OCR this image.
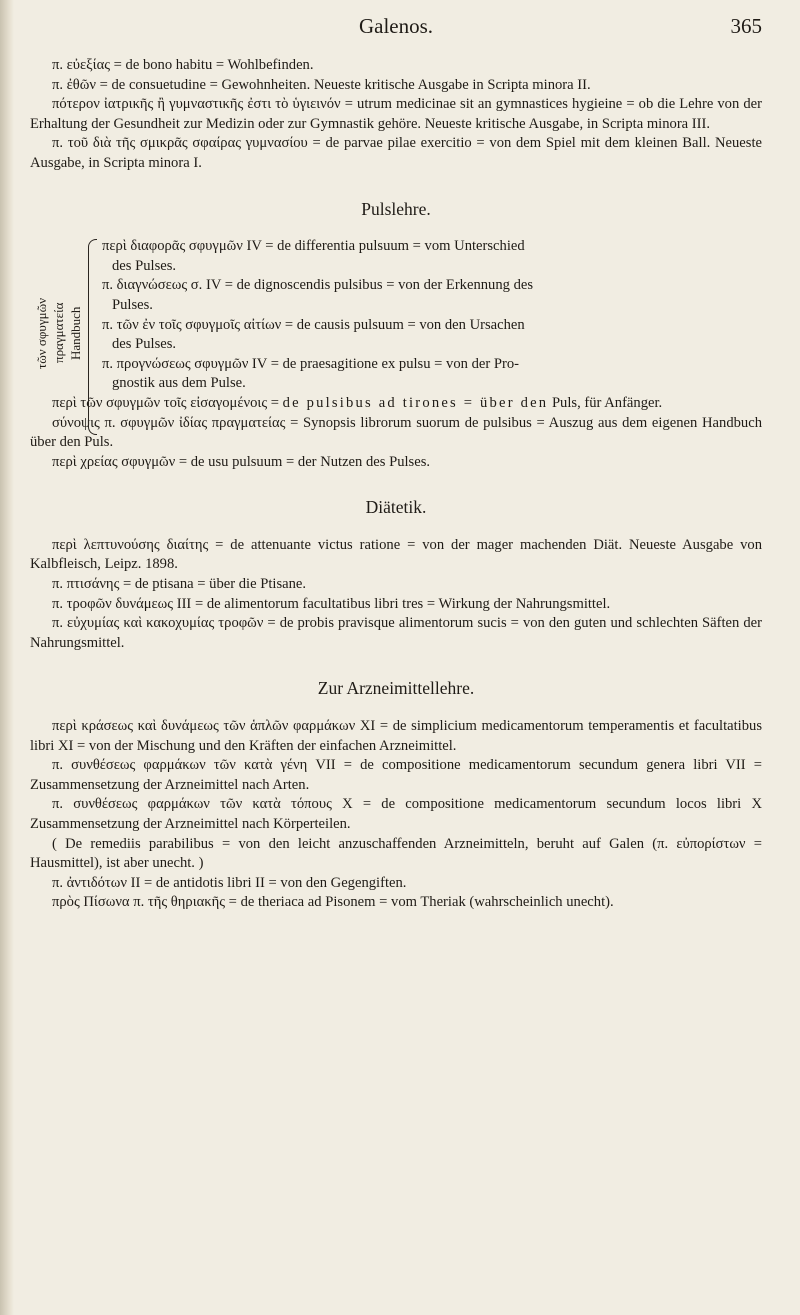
Galenos.	365

π. εὐεξίας = de bono habitu = Wohlbefinden.

π. ἐθῶν = de consuetudine = Gewohnheiten. Neueste kritische Ausgabe in Scripta minora II.

πότερον ἰατρικῆς ἢ γυμναστικῆς ἐστι τὸ ὑγιεινόν = utrum medicinae sit an gymnastices hygieine = ob die Lehre von der Erhaltung der Gesundheit zur Medizin oder zur Gymnastik gehöre. Neueste kritische Ausgabe, in Scripta minora III.

π. τοῦ διὰ τῆς σμικρᾶς σφαίρας γυμνασίου = de parvae pilae exercitio = von dem Spiel mit dem kleinen Ball. Neueste Ausgabe, in Scripta minora I.

Pulslehre.
τῶν σφυγμῶν πραγματεία Handbuch

περὶ διαφορᾶς σφυγμῶν IV = de differentia pulsuum = vom Unterschied
des Pulses.

π. διαγνώσεως σ. IV = de dignoscendis pulsibus = von der Erkennung des
Pulses.

π. τῶν ἐν τοῖς σφυγμοῖς αἰτίων = de causis pulsuum = von den Ursachen
des Pulses.

π. προγνώσεως σφυγμῶν IV = de praesagitione ex pulsu = von der Pro-
gnostik aus dem Pulse.

περὶ τῶν σφυγμῶν τοῖς εἰσαγομένοις = de pulsibus ad tirones = über den Puls, für Anfänger.

σύνοψις π. σφυγμῶν ἰδίας πραγματείας = Synopsis librorum suorum de pulsibus = Auszug aus dem eigenen Handbuch über den Puls.

περὶ χρείας σφυγμῶν = de usu pulsuum = der Nutzen des Pulses.

Diätetik.

περὶ λεπτυνούσης διαίτης = de attenuante victus ratione = von der mager machenden Diät. Neueste Ausgabe von Kalbfleisch, Leipz. 1898.

π. πτισάνης = de ptisana = über die Ptisane.

π. τροφῶν δυνάμεως III = de alimentorum facultatibus libri tres = Wirkung der Nahrungsmittel.

π. εὐχυμίας καὶ κακοχυμίας τροφῶν = de probis pravisque alimentorum sucis = von den guten und schlechten Säften der Nahrungsmittel.

Zur Arzneimittellehre.

περὶ κράσεως καὶ δυνάμεως τῶν ἁπλῶν φαρμάκων XI = de simplicium medicamentorum temperamentis et facultatibus libri XI = von der Mischung und den Kräften der einfachen Arzneimittel.

π. συνθέσεως φαρμάκων τῶν κατὰ γένη VII = de compositione medicamentorum secundum genera libri VII = Zusammensetzung der Arzneimittel nach Arten.

π. συνθέσεως φαρμάκων τῶν κατὰ τόπους X = de compositione medicamentorum secundum locos libri X Zusammensetzung der Arzneimittel nach Körperteilen.

( De remediis parabilibus = von den leicht anzuschaffenden Arzneimitteln, beruht auf Galen (π. εὐπορίστων = Hausmittel), ist aber unecht. )

π. ἀντιδότων II = de antidotis libri II = von den Gegengiften.

πρὸς Πίσωνα π. τῆς θηριακῆς = de theriaca ad Pisonem = vom Theriak (wahrscheinlich unecht).
